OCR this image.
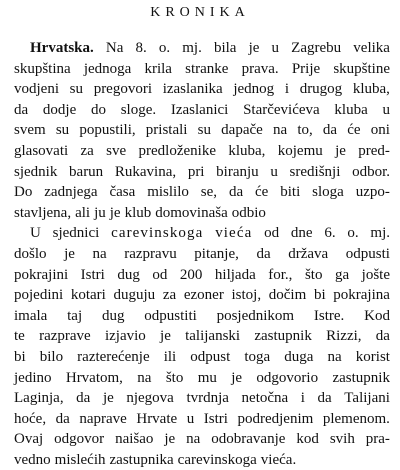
KRONIKA
Hrvatska. Na 8. o. mj. bila je u Zagrebu velika
skupština jednoga krila stranke prava. Prije skupštine
vodjeni su pregovori izaslanika jednog i drugog kluba,
da dodje do sloge. Izaslanici Starčevićeva kluba u
svem su popustili, pristali su dapače na to, da će oni
glasovati za sve predloženike kluba, kojemu je pred-
sjednik barun Rukavina, pri biranju u središnji odbor.
Do zadnjega časa mislilo se, da će biti sloga uzpo-
stavljena, ali ju je klub domovinaša odbio
U sjednici carevinskoga vieća od dne 6. o. mj.
došlo je na razpravu pitanje, da država odpusti
pokrajini Istri dug od 200 hiljada for., što ga jošte
pojedini kotari duguju za ezoner istoj, dočim bi pokrajina
imala taj dug odpustiti posjednikom Istre. Kod
te razprave izjavio je talijanski zastupnik Rizzi, da
bi bilo razterećenje ili odpust toga duga na korist
jedino Hrvatom, na što mu je odgovorio zastupnik
Laginja, da je njegova tvrdnja netočna i da Talijani
hoće, da naprave Hrvate u Istri podredjenim plemenom.
Ovaj odgovor naišao je na odobravanje kod svih pra-
vedno mislećih zastupnika carevinskoga vieća.
